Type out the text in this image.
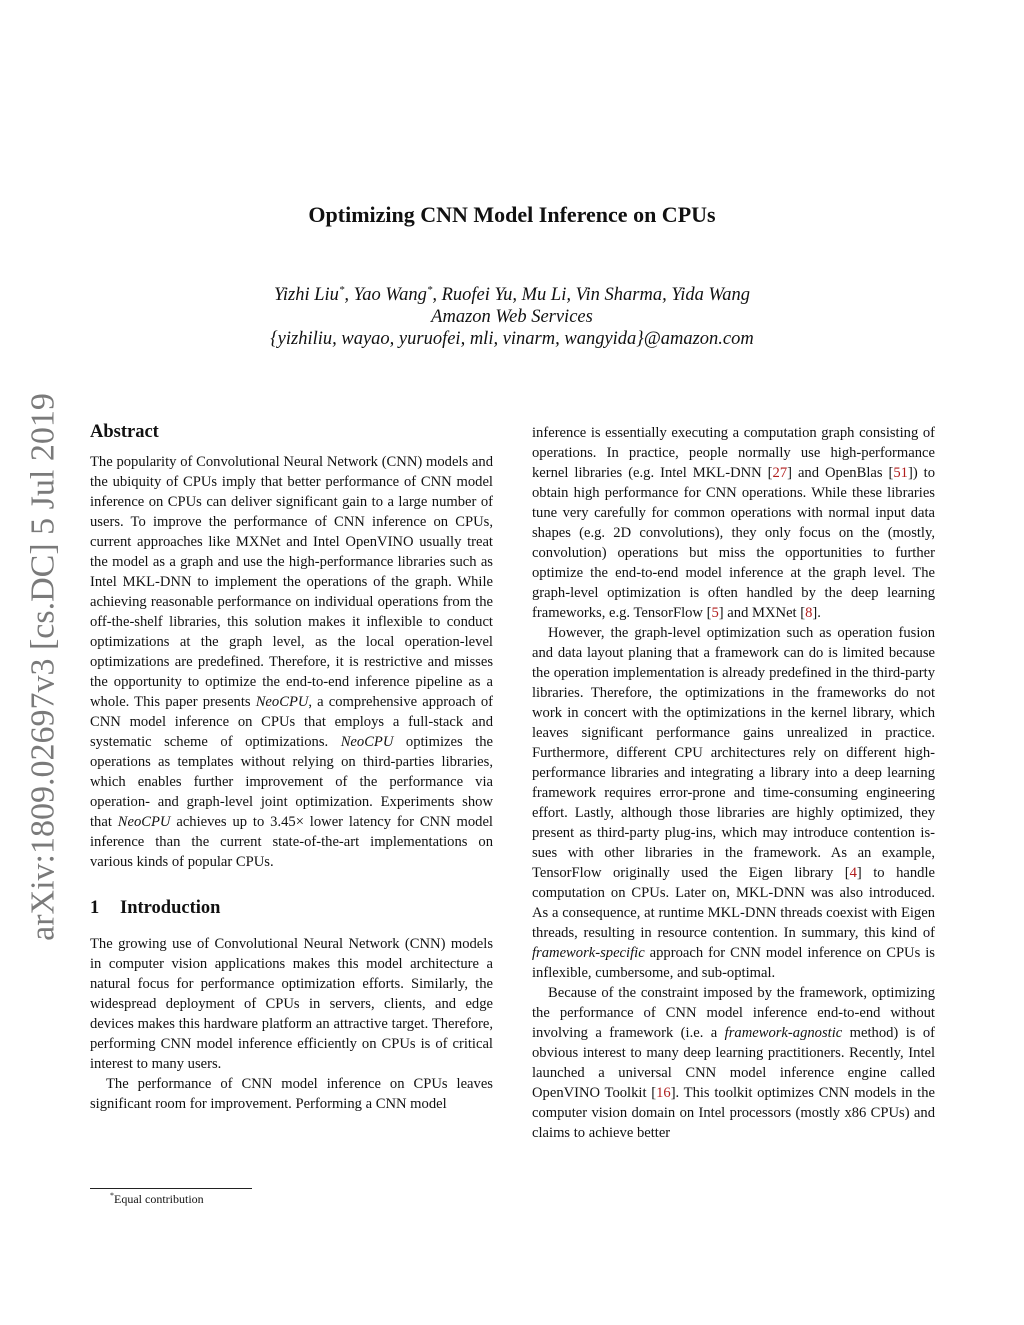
arXiv:1809.02697v3 [cs.DC] 5 Jul 2019
Optimizing CNN Model Inference on CPUs
Yizhi Liu*, Yao Wang*, Ruofei Yu, Mu Li, Vin Sharma, Yida Wang
Amazon Web Services
{yizhiliu, wayao, yuruofei, mli, vinarm, wangyida}@amazon.com
Abstract

The popularity of Convolutional Neural Network (CNN) models and the ubiquity of CPUs imply that better performance of CNN model inference on CPUs can deliver significant gain to a large number of users. To improve the performance of CNN inference on CPUs, current approaches like MXNet and Intel OpenVINO usually treat the model as a graph and use the high-performance libraries such as Intel MKL-DNN to implement the operations of the graph. While achieving reasonable performance on individual operations from the off-the-shelf libraries, this solution makes it inflexible to conduct optimizations at the graph level, as the local operation-level optimizations are predefined. Therefore, it is restrictive and misses the opportunity to optimize the end-to-end inference pipeline as a whole. This paper presents NeoCPU, a comprehensive approach of CNN model inference on CPUs that employs a full-stack and systematic scheme of optimizations. NeoCPU optimizes the operations as templates without relying on third-parties libraries, which enables further improvement of the performance via operation- and graph-level joint optimization. Experiments show that NeoCPU achieves up to 3.45× lower latency for CNN model inference than the current state-of-the-art implementations on various kinds of popular CPUs.

1 Introduction

The growing use of Convolutional Neural Network (CNN) models in computer vision applications makes this model architecture a natural focus for performance optimization efforts. Similarly, the widespread deployment of CPUs in servers, clients, and edge devices makes this hardware platform an attractive target. Therefore, performing CNN model inference efficiently on CPUs is of critical interest to many users.

The performance of CNN model inference on CPUs leaves significant room for improvement. Performing a CNN model

*Equal contribution

inference is essentially executing a computation graph consisting of operations. In practice, people normally use high-performance kernel libraries (e.g. Intel MKL-DNN [27] and OpenBlas [51]) to obtain high performance for CNN operations. While these libraries tune very carefully for common operations with normal input data shapes (e.g. 2D convolutions), they only focus on the (mostly, convolution) operations but miss the opportunities to further optimize the end-to-end model inference at the graph level. The graph-level optimization is often handled by the deep learning frameworks, e.g. TensorFlow [5] and MXNet [8].

However, the graph-level optimization such as operation fusion and data layout planing that a framework can do is limited because the operation implementation is already predefined in the third-party libraries. Therefore, the optimizations in the frameworks do not work in concert with the optimizations in the kernel library, which leaves significant performance gains unrealized in practice. Furthermore, different CPU architectures rely on different high-performance libraries and integrating a library into a deep learning framework requires error-prone and time-consuming engineering effort. Lastly, although those libraries are highly optimized, they present as third-party plug-ins, which may introduce contention issues with other libraries in the framework. As an example, TensorFlow originally used the Eigen library [4] to handle computation on CPUs. Later on, MKL-DNN was also introduced. As a consequence, at runtime MKL-DNN threads coexist with Eigen threads, resulting in resource contention. In summary, this kind of framework-specific approach for CNN model inference on CPUs is inflexible, cumbersome, and sub-optimal.

Because of the constraint imposed by the framework, optimizing the performance of CNN model inference end-to-end without involving a framework (i.e. a framework-agnostic method) is of obvious interest to many deep learning practitioners. Recently, Intel launched a universal CNN model inference engine called OpenVINO Toolkit [16]. This toolkit optimizes CNN models in the computer vision domain on Intel processors (mostly x86 CPUs) and claims to achieve better
